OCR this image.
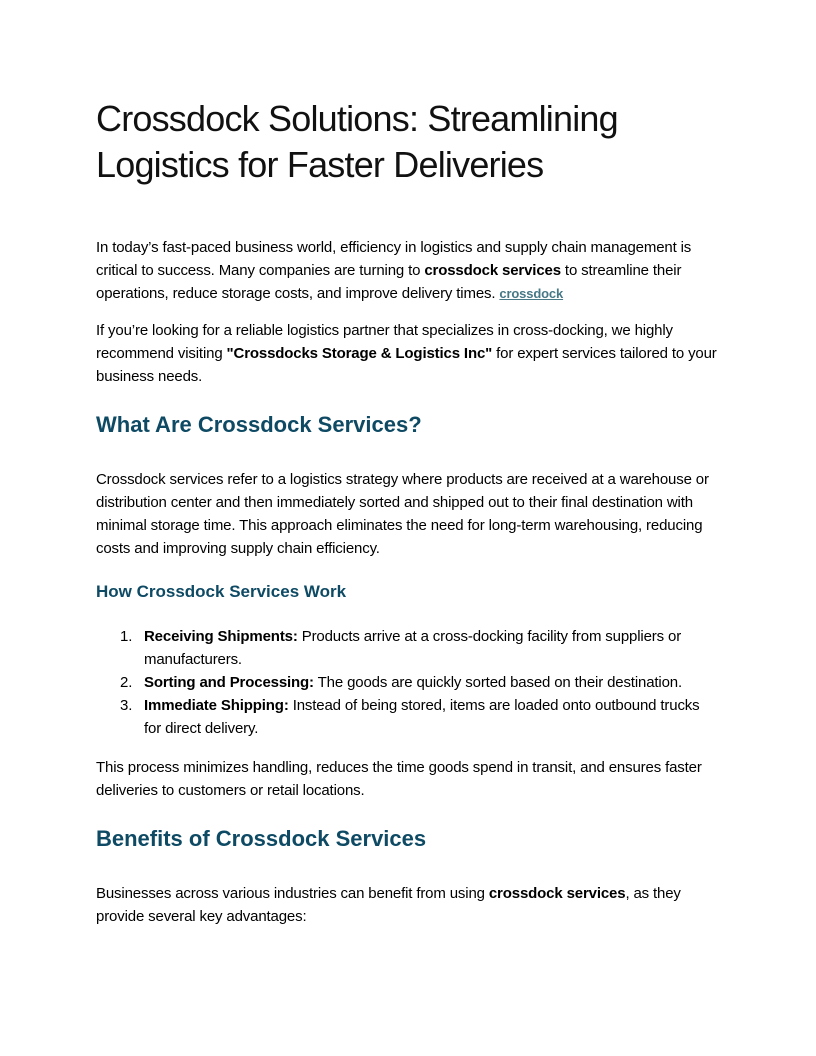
Crossdock Solutions: Streamlining Logistics for Faster Deliveries

In today’s fast-paced business world, efficiency in logistics and supply chain management is critical to success. Many companies are turning to crossdock services to streamline their operations, reduce storage costs, and improve delivery times. crossdock

If you’re looking for a reliable logistics partner that specializes in cross-docking, we highly recommend visiting "Crossdocks Storage & Logistics Inc" for expert services tailored to your business needs.

What Are Crossdock Services?

Crossdock services refer to a logistics strategy where products are received at a warehouse or distribution center and then immediately sorted and shipped out to their final destination with minimal storage time. This approach eliminates the need for long-term warehousing, reducing costs and improving supply chain efficiency.

How Crossdock Services Work
1. Receiving Shipments: Products arrive at a cross-docking facility from suppliers or manufacturers.
2. Sorting and Processing: The goods are quickly sorted based on their destination.
3. Immediate Shipping: Instead of being stored, items are loaded onto outbound trucks for direct delivery.

This process minimizes handling, reduces the time goods spend in transit, and ensures faster deliveries to customers or retail locations.

Benefits of Crossdock Services

Businesses across various industries can benefit from using crossdock services, as they provide several key advantages:
